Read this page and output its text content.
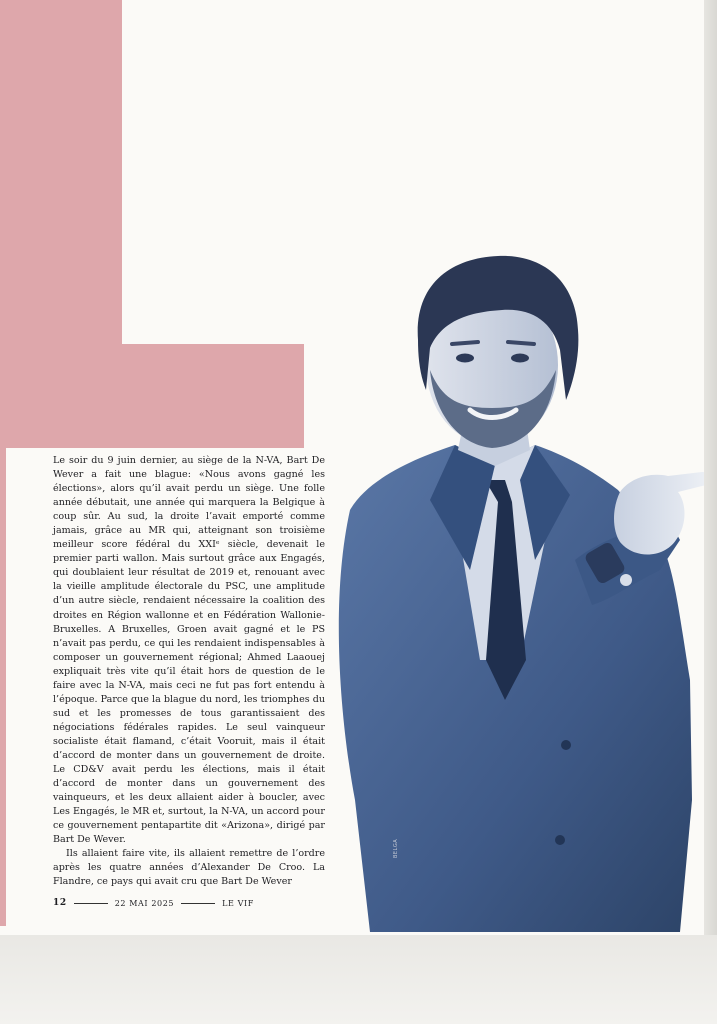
BELGA

Le soir du 9 juin dernier, au siège de la N-VA, Bart De Wever a fait une blague: «Nous avons gagné les élections», alors qu’il avait perdu un siège. Une folle année débutait, une année qui marquera la Belgique à coup sûr. Au sud, la droite l’avait emporté comme jamais, grâce au MR qui, atteignant son troisième meilleur score fédéral du XXIᵉ siècle, devenait le premier parti wallon. Mais surtout grâce aux Engagés, qui doublaient leur résultat de 2019 et, renouant avec la vieille amplitude électorale du PSC, une amplitude d’un autre siècle, rendaient nécessaire la coalition des droites en Région wallonne et en Fédération Wallonie-Bruxelles. A Bruxelles, Groen avait gagné et le PS n’avait pas perdu, ce qui les rendaient indispensables à composer un gouvernement régional; Ahmed Laaouej expliquait très vite qu’il était hors de question de le faire avec la N-VA, mais ceci ne fut pas fort entendu à l’époque. Parce que la blague du nord, les triomphes du sud et les promesses de tous garantissaient des négociations fédérales rapides. Le seul vainqueur socialiste était flamand, c’était Vooruit, mais il était d’accord de monter dans un gouvernement de droite. Le CD&V avait perdu les élections, mais il était d’accord de monter dans un gouvernement des vainqueurs, et les deux allaient aider à boucler, avec Les Engagés, le MR et, surtout, la N-VA, un accord pour ce gouvernement pentapartite dit «Arizona», dirigé par Bart De Wever.

Ils allaient faire vite, ils allaient remettre de l’ordre après les quatre années d’Alexander De Croo. La Flandre, ce pays qui avait cru que Bart De Wever

12	22 MAI 2025	LE VIF
